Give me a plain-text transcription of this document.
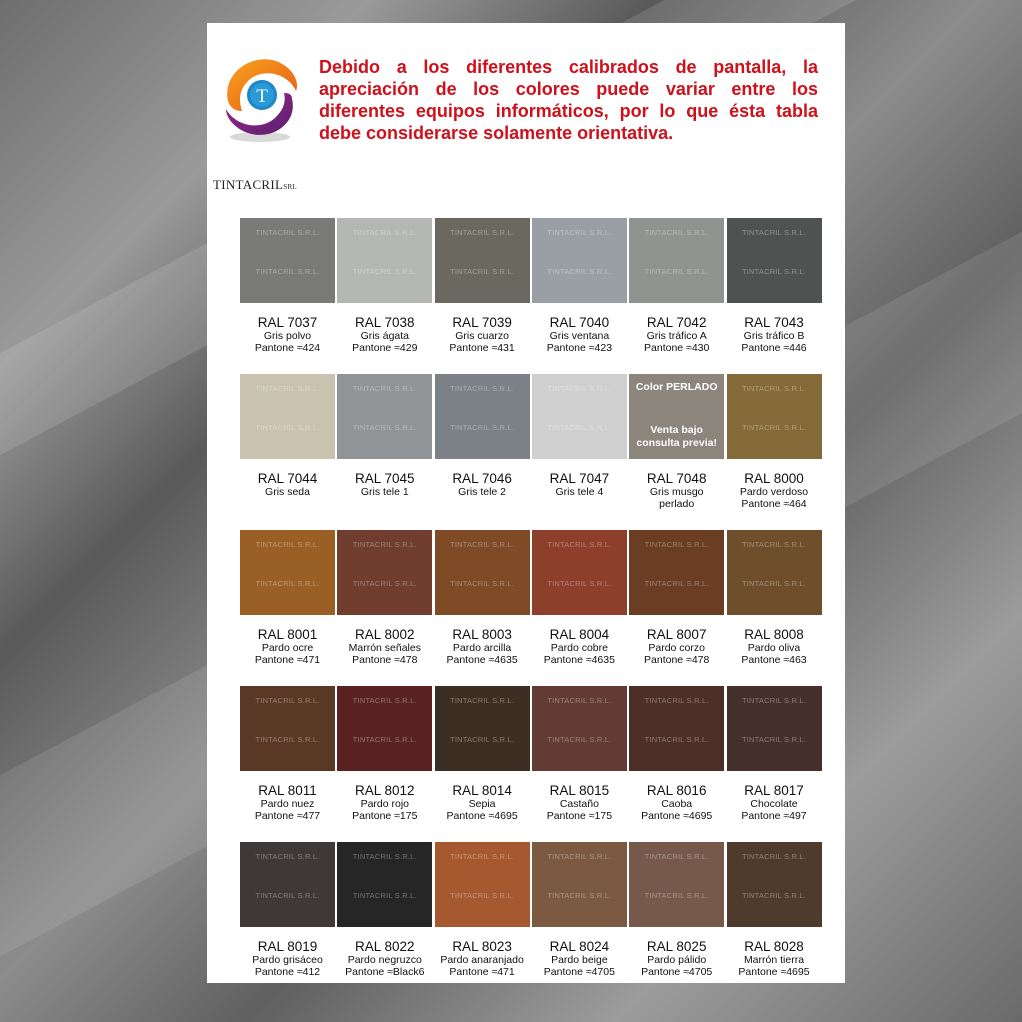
T
TINTACRILSRL
Debido a los diferentes calibrados de pantalla, la apreciación de los colores puede variar entre los diferentes equipos informáticos, por lo que ésta tabla debe considerarse solamente orientativa.
TINTACRIL S.R.L.
TINTACRIL S.R.L.
RAL 7037
Gris polvo
Pantone ≈424
TINTACRIL S.R.L.
TINTACRIL S.R.L.
RAL 7038
Gris ágata
Pantone ≈429
TINTACRIL S.R.L.
TINTACRIL S.R.L.
RAL 7039
Gris cuarzo
Pantone ≈431
TINTACRIL S.R.L.
TINTACRIL S.R.L.
RAL 7040
Gris ventana
Pantone ≈423
TINTACRIL S.R.L.
TINTACRIL S.R.L.
RAL 7042
Gris tráfico A
Pantone ≈430
TINTACRIL S.R.L.
TINTACRIL S.R.L.
RAL 7043
Gris tráfico B
Pantone ≈446
TINTACRIL S.R.L.
TINTACRIL S.R.L.
RAL 7044
Gris seda
TINTACRIL S.R.L.
TINTACRIL S.R.L.
RAL 7045
Gris tele 1
TINTACRIL S.R.L.
TINTACRIL S.R.L.
RAL 7046
Gris tele 2
TINTACRIL S.R.L.
TINTACRIL S.R.L.
RAL 7047
Gris tele 4
Color PERLADO
Venta bajo consulta previa!
RAL 7048
Gris musgo perlado
TINTACRIL S.R.L.
TINTACRIL S.R.L.
RAL 8000
Pardo verdoso
Pantone ≈464
TINTACRIL S.R.L.
TINTACRIL S.R.L.
RAL 8001
Pardo ocre
Pantone ≈471
TINTACRIL S.R.L.
TINTACRIL S.R.L.
RAL 8002
Marrón señales
Pantone ≈478
TINTACRIL S.R.L.
TINTACRIL S.R.L.
RAL 8003
Pardo arcilla
Pantone ≈4635
TINTACRIL S.R.L.
TINTACRIL S.R.L.
RAL 8004
Pardo cobre
Pantone ≈4635
TINTACRIL S.R.L.
TINTACRIL S.R.L.
RAL 8007
Pardo corzo
Pantone ≈478
TINTACRIL S.R.L.
TINTACRIL S.R.L.
RAL 8008
Pardo oliva
Pantone ≈463
TINTACRIL S.R.L.
TINTACRIL S.R.L.
RAL 8011
Pardo nuez
Pantone ≈477
TINTACRIL S.R.L.
TINTACRIL S.R.L.
RAL 8012
Pardo rojo
Pantone ≈175
TINTACRIL S.R.L.
TINTACRIL S.R.L.
RAL 8014
Sepia
Pantone ≈4695
TINTACRIL S.R.L.
TINTACRIL S.R.L.
RAL 8015
Castaño
Pantone ≈175
TINTACRIL S.R.L.
TINTACRIL S.R.L.
RAL 8016
Caoba
Pantone ≈4695
TINTACRIL S.R.L.
TINTACRIL S.R.L.
RAL 8017
Chocolate
Pantone ≈497
TINTACRIL S.R.L.
TINTACRIL S.R.L.
RAL 8019
Pardo grisáceo
Pantone ≈412
TINTACRIL S.R.L.
TINTACRIL S.R.L.
RAL 8022
Pardo negruzco
Pantone ≈Black6
TINTACRIL S.R.L.
TINTACRIL S.R.L.
RAL 8023
Pardo anaranjado
Pantone ≈471
TINTACRIL S.R.L.
TINTACRIL S.R.L.
RAL 8024
Pardo beige
Pantone ≈4705
TINTACRIL S.R.L.
TINTACRIL S.R.L.
RAL 8025
Pardo pálido
Pantone ≈4705
TINTACRIL S.R.L.
TINTACRIL S.R.L.
RAL 8028
Marrón tierra
Pantone ≈4695
